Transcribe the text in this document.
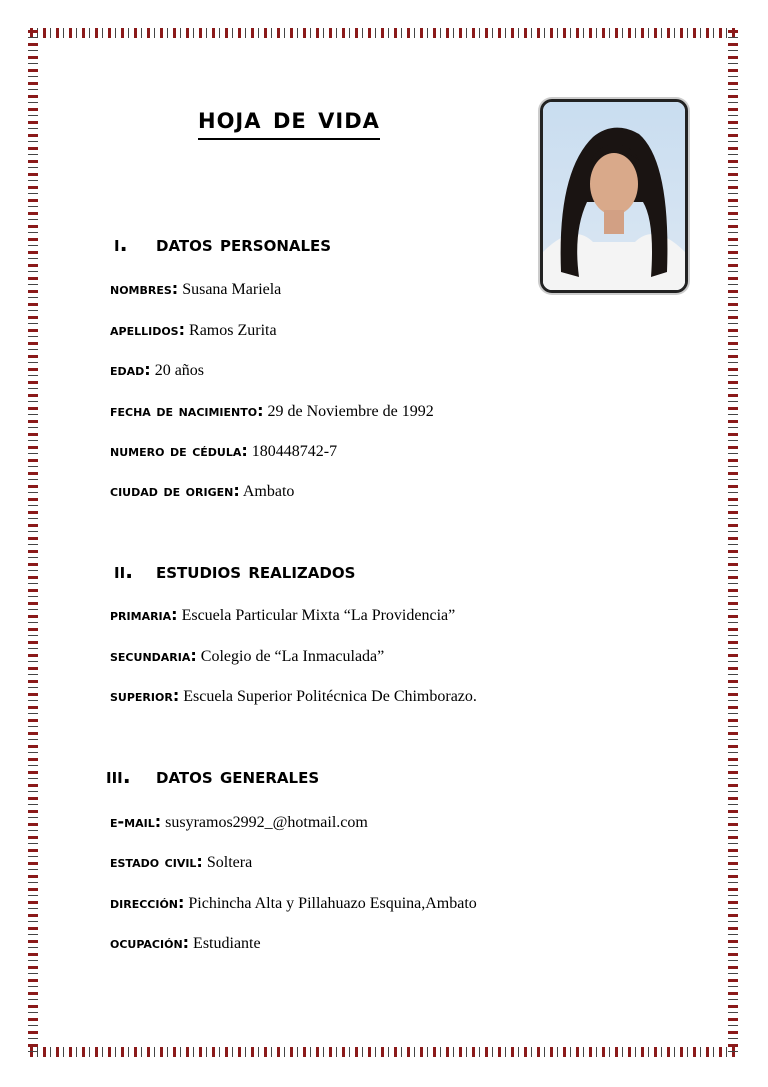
hoja de vida
i. datos personales
nombres: Susana Mariela
apellidos: Ramos Zurita
edad: 20 años
fecha de nacimiento: 29 de Noviembre de 1992
numero de cédula: 180448742-7
ciudad de origen: Ambato
ii. estudios realizados
primaria: Escuela Particular Mixta “La Providencia”
secundaria: Colegio de “La Inmaculada”
superior: Escuela Superior Politécnica De Chimborazo.
iii. datos generales
e-mail: susyramos2992_@hotmail.com
estado civil: Soltera
dirección: Pichincha Alta y Pillahuazo Esquina,Ambato
ocupación: Estudiante
